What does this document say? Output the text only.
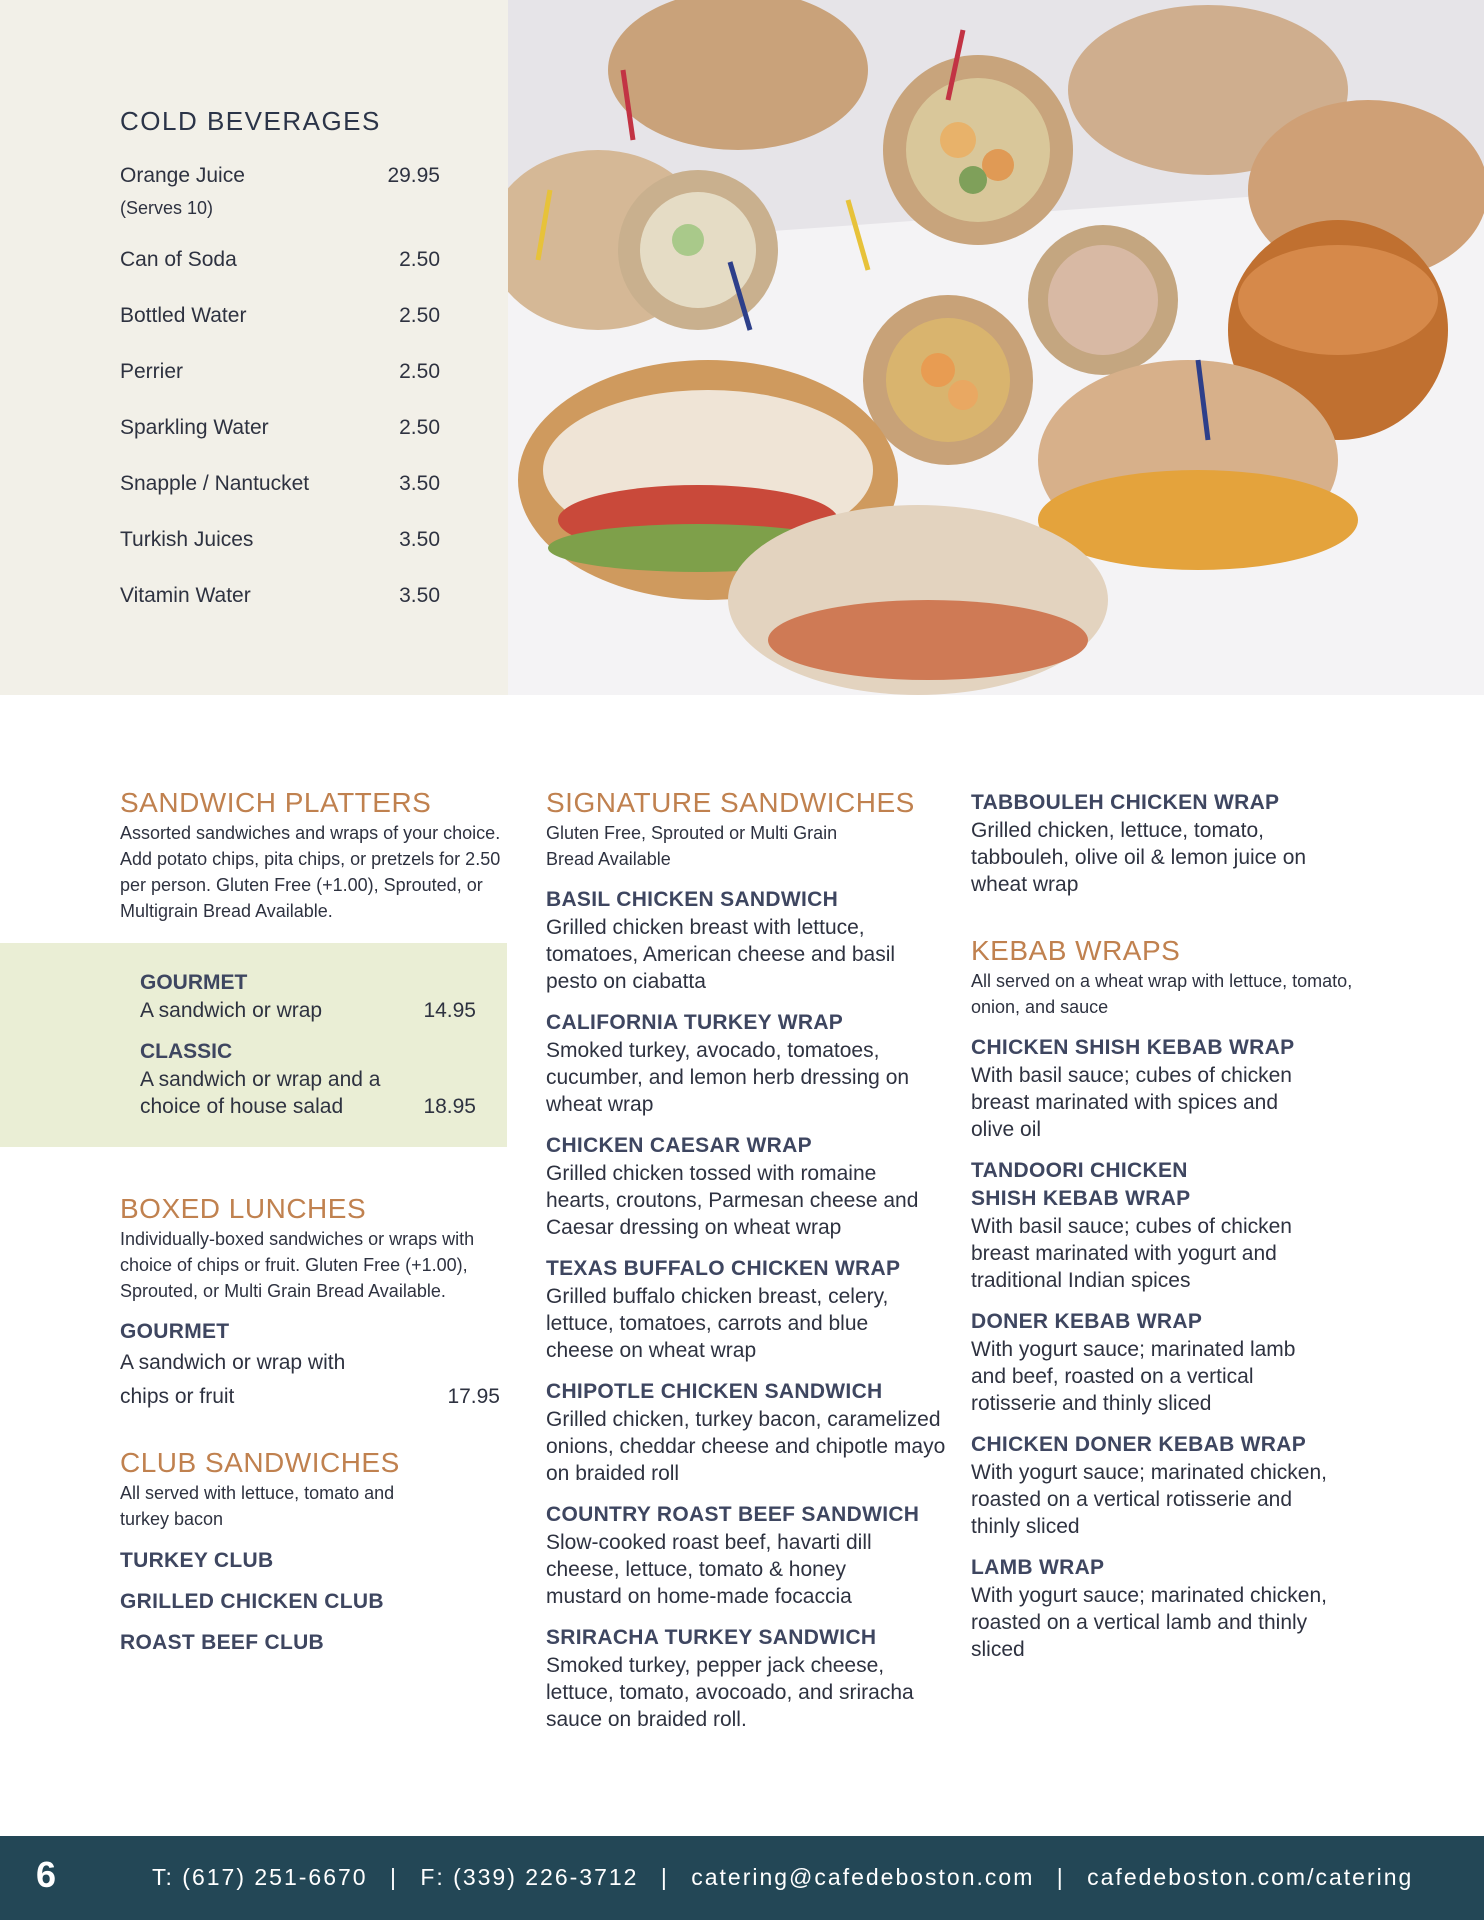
COLD BEVERAGES
Orange Juice	29.95
(Serves 10)
Can of Soda	2.50
Bottled Water	2.50
Perrier	2.50
Sparkling Water	2.50
Snapple / Nantucket	3.50
Turkish Juices	3.50
Vitamin Water	3.50
SANDWICH PLATTERS

Assorted sandwiches and wraps of your choice. Add potato chips, pita chips, or pretzels for 2.50 per person. Gluten Free (+1.00), Sprouted, or Multigrain Bread Available.

GOURMET
A sandwich or wrap	14.95
CLASSIC
A sandwich or wrap and a choice of house salad	18.95
BOXED LUNCHES

Individually-boxed sandwiches or wraps with choice of chips or fruit. Gluten Free (+1.00), Sprouted, or Multi Grain Bread Available.

GOURMET
A sandwich or wrap with chips or fruit	17.95
CLUB SANDWICHES

All served with lettuce, tomato and turkey bacon

TURKEY CLUB
GRILLED CHICKEN CLUB
ROAST BEEF CLUB
SIGNATURE SANDWICHES

Gluten Free, Sprouted or Multi Grain Bread Available

BASIL CHICKEN SANDWICH
Grilled chicken breast with lettuce, tomatoes, American cheese and basil pesto on ciabatta
CALIFORNIA TURKEY WRAP
Smoked turkey, avocado, tomatoes, cucumber, and lemon herb dressing on wheat wrap
CHICKEN CAESAR WRAP
Grilled chicken tossed with romaine hearts, croutons, Parmesan cheese and Caesar dressing on wheat wrap
TEXAS BUFFALO CHICKEN WRAP
Grilled buffalo chicken breast, celery, lettuce, tomatoes, carrots and blue cheese on wheat wrap
CHIPOTLE CHICKEN SANDWICH
Grilled chicken, turkey bacon, caramelized onions, cheddar cheese and chipotle mayo on braided roll
COUNTRY ROAST BEEF SANDWICH
Slow-cooked roast beef, havarti dill cheese, lettuce, tomato & honey mustard on home-made focaccia
SRIRACHA TURKEY SANDWICH
Smoked turkey, pepper jack cheese, lettuce, tomato, avocoado, and sriracha sauce on braided roll.
TABBOULEH CHICKEN WRAP
Grilled chicken, lettuce, tomato, tabbouleh, olive oil & lemon juice on wheat wrap
KEBAB WRAPS

All served on a wheat wrap with lettuce, tomato, onion, and sauce

CHICKEN SHISH KEBAB WRAP
With basil sauce; cubes of chicken breast marinated with spices and olive oil
TANDOORI CHICKEN SHISH KEBAB WRAP
With basil sauce; cubes of chicken breast marinated with yogurt and traditional Indian spices
DONER KEBAB WRAP
With yogurt sauce; marinated lamb and beef, roasted on a vertical rotisserie and thinly sliced
CHICKEN DONER KEBAB WRAP
With yogurt sauce; marinated chicken, roasted on a vertical rotisserie and thinly sliced
LAMB WRAP
With yogurt sauce; marinated chicken, roasted on a vertical lamb and thinly sliced
6	T: (617) 251-6670 | F: (339) 226-3712 | catering@cafedeboston.com | cafedeboston.com/catering
